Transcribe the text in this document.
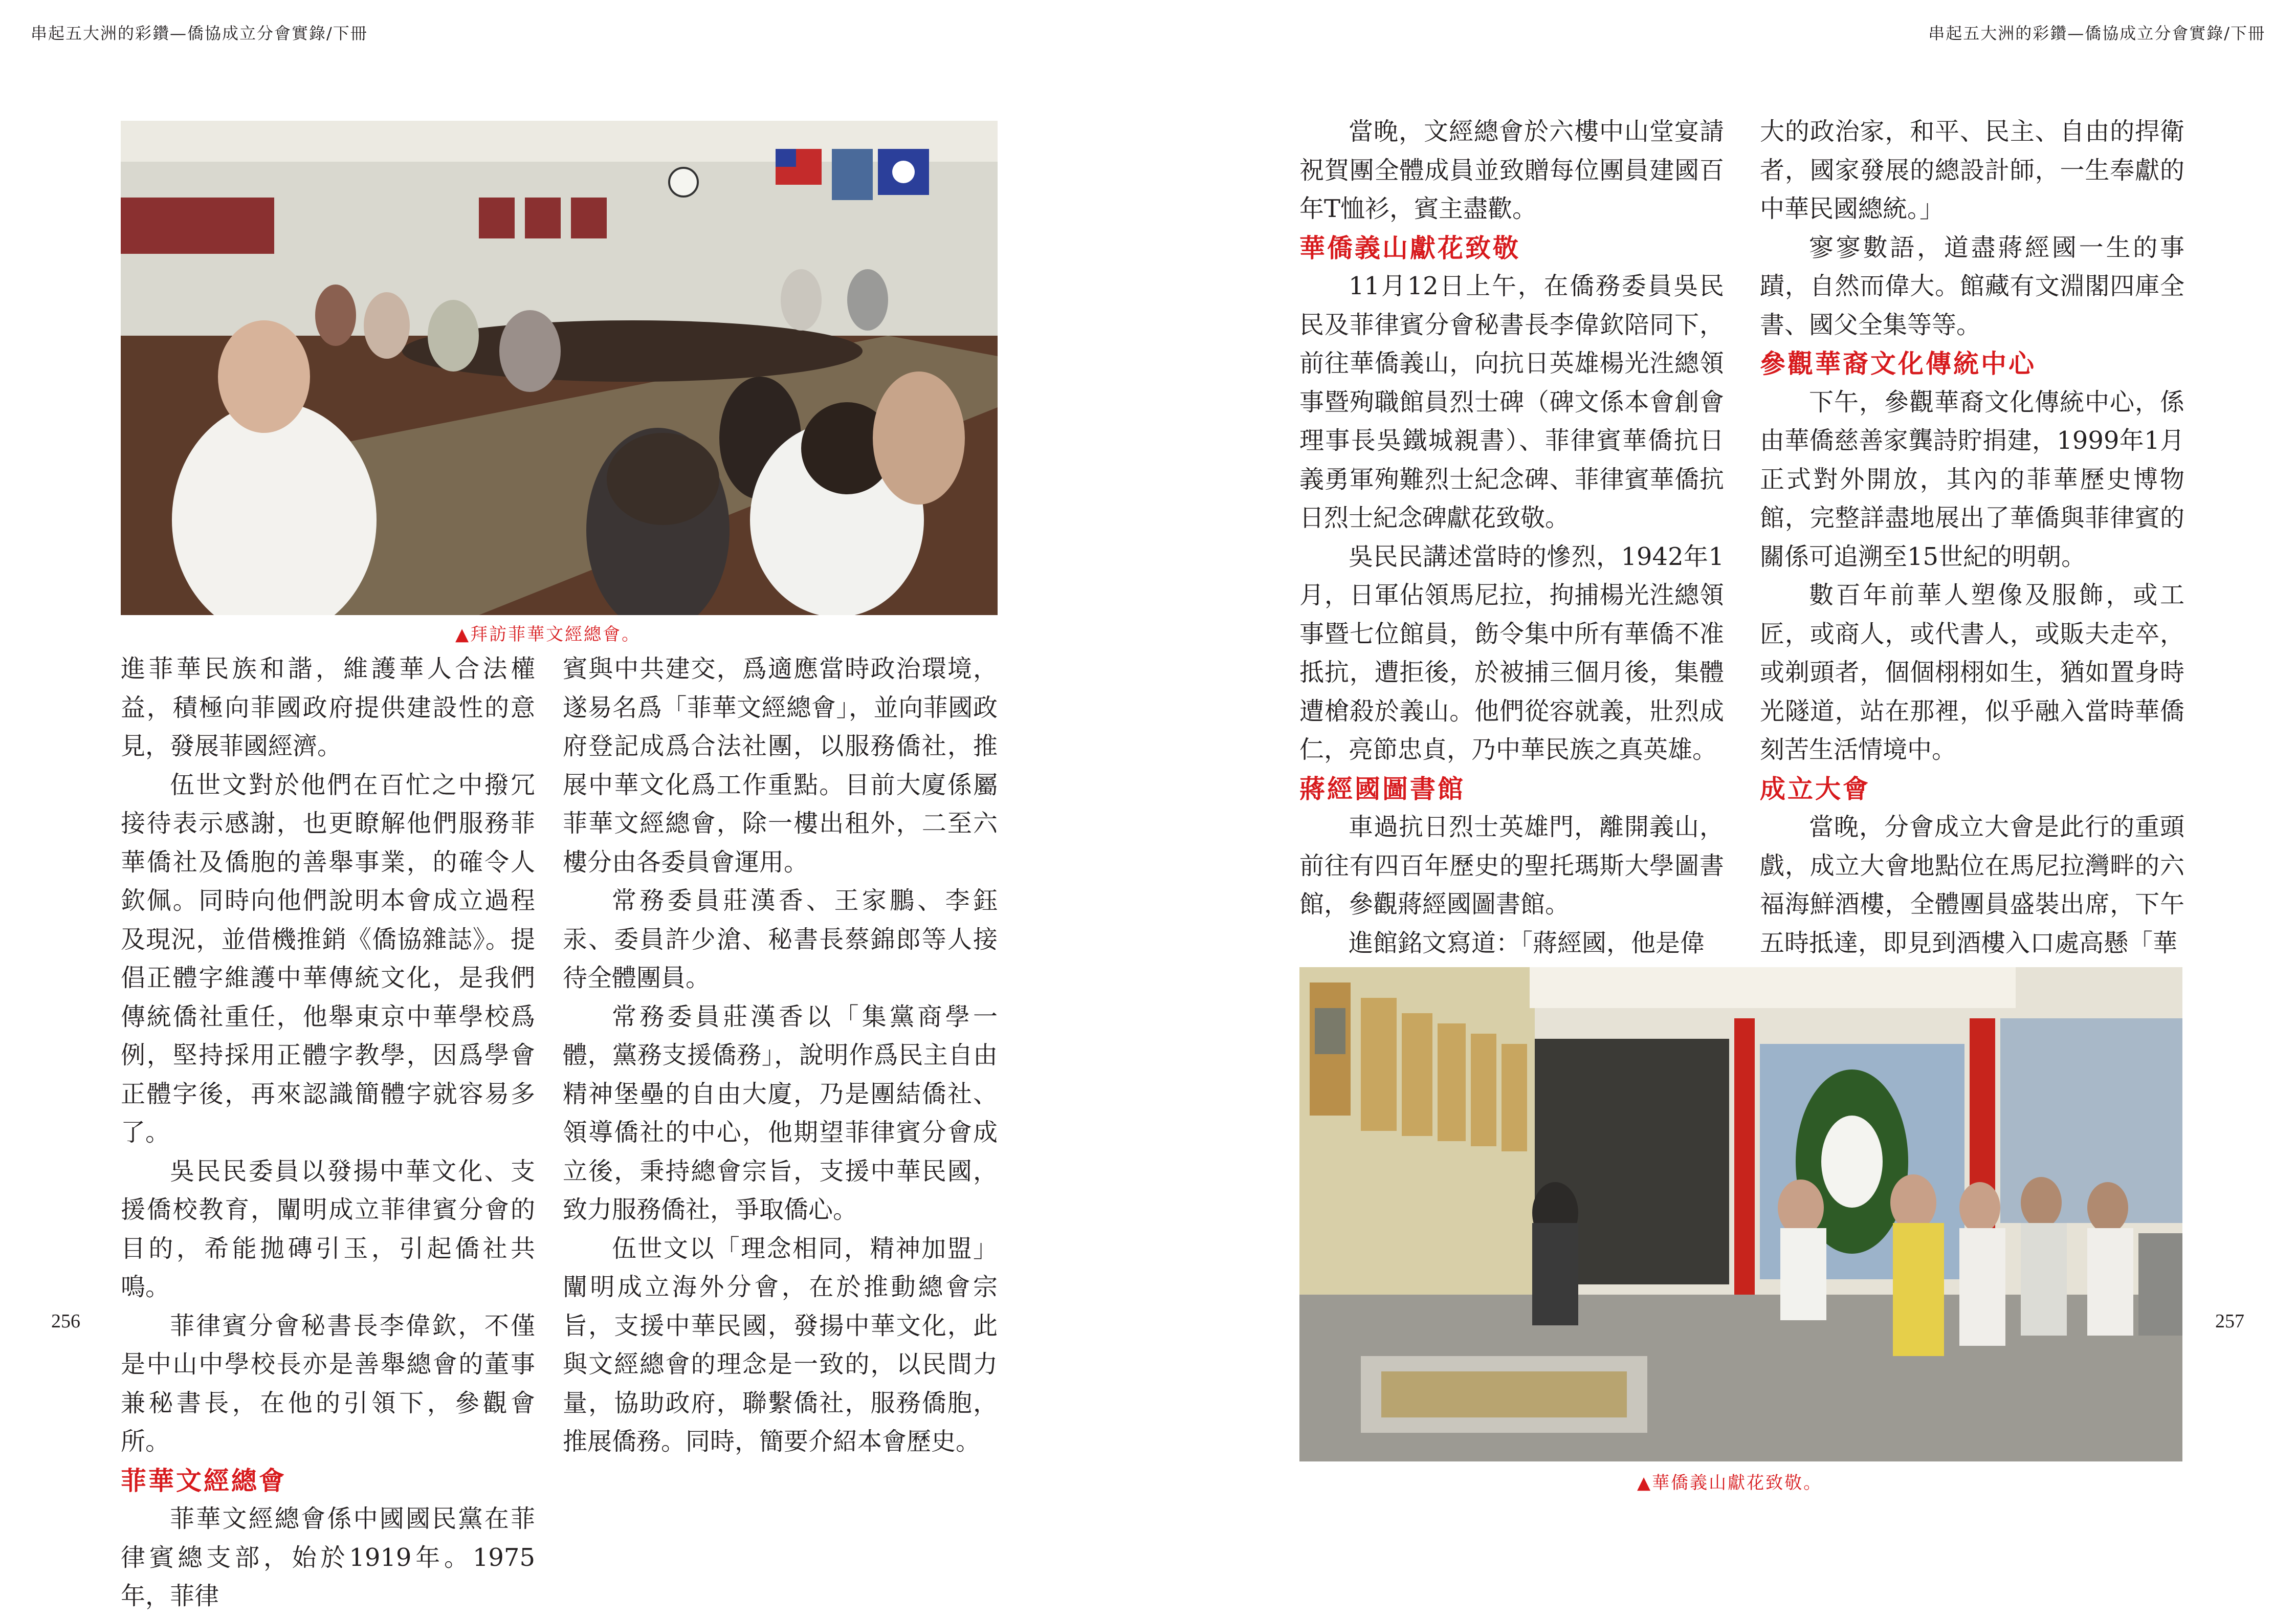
串起五大洲的彩鑽—僑協成立分會實錄/下冊	串起五大洲的彩鑽—僑協成立分會實錄/下冊
▲拜訪菲華文經總會。

進菲華民族和諧，維護華人合法權益，積極向菲國政府提供建設性的意見，發展菲國經濟。

伍世文對於他們在百忙之中撥冗接待表示感謝，也更瞭解他們服務菲華僑社及僑胞的善舉事業，的確令人欽佩。同時向他們說明本會成立過程及現況，並借機推銷《僑協雜誌》。提倡正體字維護中華傳統文化，是我們傳統僑社重任，他舉東京中華學校爲例，堅持採用正體字教學，因爲學會正體字後，再來認識簡體字就容易多了。

吳民民委員以發揚中華文化、支援僑校教育，闡明成立菲律賓分會的目的，希能拋磚引玉，引起僑社共鳴。

菲律賓分會秘書長李偉欽，不僅是中山中學校長亦是善舉總會的董事兼秘書長，在他的引領下，參觀會所。

菲華文經總會

菲華文經總會係中國國民黨在菲律賓總支部，始於1919年。1975年，菲律

賓與中共建交，爲適應當時政治環境，遂易名爲「菲華文經總會」，並向菲國政府登記成爲合法社團，以服務僑社，推展中華文化爲工作重點。目前大廈係屬菲華文經總會，除一樓出租外，二至六樓分由各委員會運用。

常務委員莊漢香、王家鵬、李鈺汞、委員許少滄、秘書長蔡錦郎等人接待全體團員。

常務委員莊漢香以「集黨商學一體，黨務支援僑務」，說明作爲民主自由精神堡壘的自由大廈，乃是團結僑社、領導僑社的中心，他期望菲律賓分會成立後，秉持總會宗旨，支援中華民國，致力服務僑社，爭取僑心。

伍世文以「理念相同，精神加盟」闡明成立海外分會，在於推動總會宗旨，支援中華民國，發揚中華文化，此與文經總會的理念是一致的，以民間力量，協助政府，聯繫僑社，服務僑胞，推展僑務。同時，簡要介紹本會歷史。

256	257

當晚，文經總會於六樓中山堂宴請祝賀團全體成員並致贈每位團員建國百年T恤衫，賓主盡歡。

華僑義山獻花致敬

11月12日上午，在僑務委員吳民民及菲律賓分會秘書長李偉欽陪同下，前往華僑義山，向抗日英雄楊光泩總領事暨殉職館員烈士碑（碑文係本會創會理事長吳鐵城親書）、菲律賓華僑抗日義勇軍殉難烈士紀念碑、菲律賓華僑抗日烈士紀念碑獻花致敬。

吳民民講述當時的慘烈，1942年1月，日軍佔領馬尼拉，拘捕楊光泩總領事暨七位館員，飭令集中所有華僑不准抵抗，遭拒後，於被捕三個月後，集體遭槍殺於義山。他們從容就義，壯烈成仁，亮節忠貞，乃中華民族之真英雄。

蔣經國圖書館

車過抗日烈士英雄門，離開義山，前往有四百年歷史的聖托瑪斯大學圖書館，參觀蔣經國圖書館。

進館銘文寫道：「蔣經國，他是偉

大的政治家，和平、民主、自由的捍衛者，國家發展的總設計師，一生奉獻的中華民國總統。」

寥寥數語，道盡蔣經國一生的事蹟，自然而偉大。館藏有文淵閣四庫全書、國父全集等等。

參觀華裔文化傳統中心

下午，參觀華裔文化傳統中心，係由華僑慈善家龔詩貯捐建，1999年1月正式對外開放，其內的菲華歷史博物館，完整詳盡地展出了華僑與菲律賓的關係可追溯至15世紀的明朝。

數百年前華人塑像及服飾，或工匠，或商人，或代書人，或販夫走卒，或剃頭者，個個栩栩如生，猶如置身時光隧道，站在那裡，似乎融入當時華僑刻苦生活情境中。

成立大會

當晚，分會成立大會是此行的重頭戲，成立大會地點位在馬尼拉灣畔的六福海鮮酒樓，全體團員盛裝出席，下午五時抵達，即見到酒樓入口處高懸「華

▲華僑義山獻花致敬。
